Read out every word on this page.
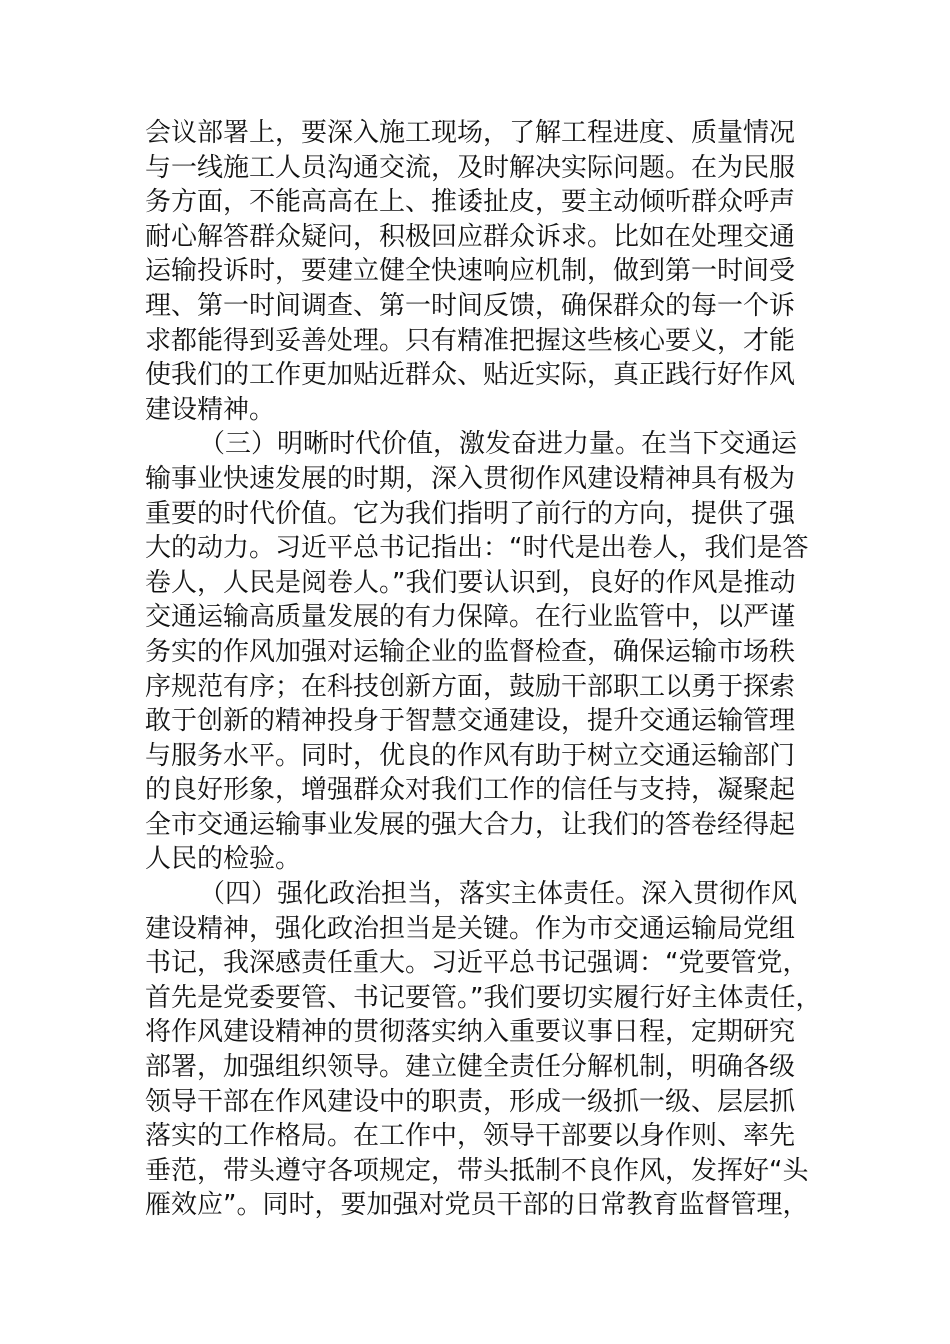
会议部署上，要深入施工现场，了解工程进度、质量情况
与一线施工人员沟通交流，及时解决实际问题。在为民服
务方面，不能高高在上、推诿扯皮，要主动倾听群众呼声
耐心解答群众疑问，积极回应群众诉求。比如在处理交通
运输投诉时，要建立健全快速响应机制，做到第一时间受
理、第一时间调查、第一时间反馈，确保群众的每一个诉
求都能得到妥善处理。只有精准把握这些核心要义，才能
使我们的工作更加贴近群众、贴近实际，真正践行好作风
建设精神。
（三）明晰时代价值，激发奋进力量。在当下交通运
输事业快速发展的时期，深入贯彻作风建设精神具有极为
重要的时代价值。它为我们指明了前行的方向，提供了强
大的动力。习近平总书记指出：“时代是出卷人，我们是答
卷人，人民是阅卷人。”我们要认识到，良好的作风是推动
交通运输高质量发展的有力保障。在行业监管中，以严谨
务实的作风加强对运输企业的监督检查，确保运输市场秩
序规范有序；在科技创新方面，鼓励干部职工以勇于探索
敢于创新的精神投身于智慧交通建设，提升交通运输管理
与服务水平。同时，优良的作风有助于树立交通运输部门
的良好形象，增强群众对我们工作的信任与支持，凝聚起
全市交通运输事业发展的强大合力，让我们的答卷经得起
人民的检验。
（四）强化政治担当，落实主体责任。深入贯彻作风
建设精神，强化政治担当是关键。作为市交通运输局党组
书记，我深感责任重大。习近平总书记强调：“党要管党，
首先是党委要管、书记要管。”我们要切实履行好主体责任，
将作风建设精神的贯彻落实纳入重要议事日程，定期研究
部署，加强组织领导。建立健全责任分解机制，明确各级
领导干部在作风建设中的职责，形成一级抓一级、层层抓
落实的工作格局。在工作中，领导干部要以身作则、率先
垂范，带头遵守各项规定，带头抵制不良作风，发挥好“头
雁效应”。同时，要加强对党员干部的日常教育监督管理，
